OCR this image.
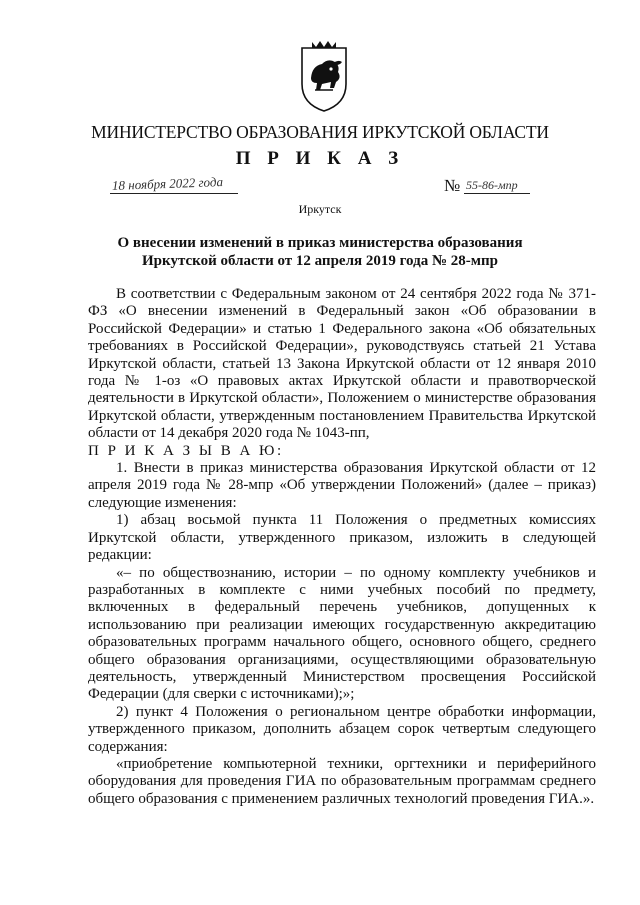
МИНИСТЕРСТВО ОБРАЗОВАНИЯ ИРКУТСКОЙ ОБЛАСТИ
П Р И К А З
18 ноября 2022 года	№ 55-86-мпр
Иркутск
О внесении изменений в приказ министерства образования
Иркутской области от 12 апреля 2019 года № 28-мпр

В соответствии с Федеральным законом от 24 сентября 2022 года № 371-ФЗ «О внесении изменений в Федеральный закон «Об образовании в Российской Федерации» и статью 1 Федерального закона «Об обязательных требованиях в Российской Федерации», руководствуясь статьей 21 Устава Иркутской области, статьей 13 Закона Иркутской области от 12 января 2010 года № 1-оз «О правовых актах Иркутской области и правотворческой деятельности в Иркутской области», Положением о министерстве образования Иркутской области, утвержденным постановлением Правительства Иркутской области от 14 декабря 2020 года № 1043-пп,

П Р И К А З Ы В А Ю:

1. Внести в приказ министерства образования Иркутской области от 12 апреля 2019 года № 28-мпр «Об утверждении Положений» (далее – приказ) следующие изменения:

1) абзац восьмой пункта 11 Положения о предметных комиссиях Иркутской области, утвержденного приказом, изложить в следующей редакции:

«– по обществознанию, истории – по одному комплекту учебников и разработанных в комплекте с ними учебных пособий по предмету, включенных в федеральный перечень учебников, допущенных к использованию при реализации имеющих государственную аккредитацию образовательных программ начального общего, основного общего, среднего общего образования организациями, осуществляющими образовательную деятельность, утвержденный Министерством просвещения Российской Федерации (для сверки с источниками);»;

2) пункт 4 Положения о региональном центре обработки информации, утвержденного приказом, дополнить абзацем сорок четвертым следующего содержания:

«приобретение компьютерной техники, оргтехники и периферийного оборудования для проведения ГИА по образовательным программам среднего общего образования с применением различных технологий проведения ГИА.».
